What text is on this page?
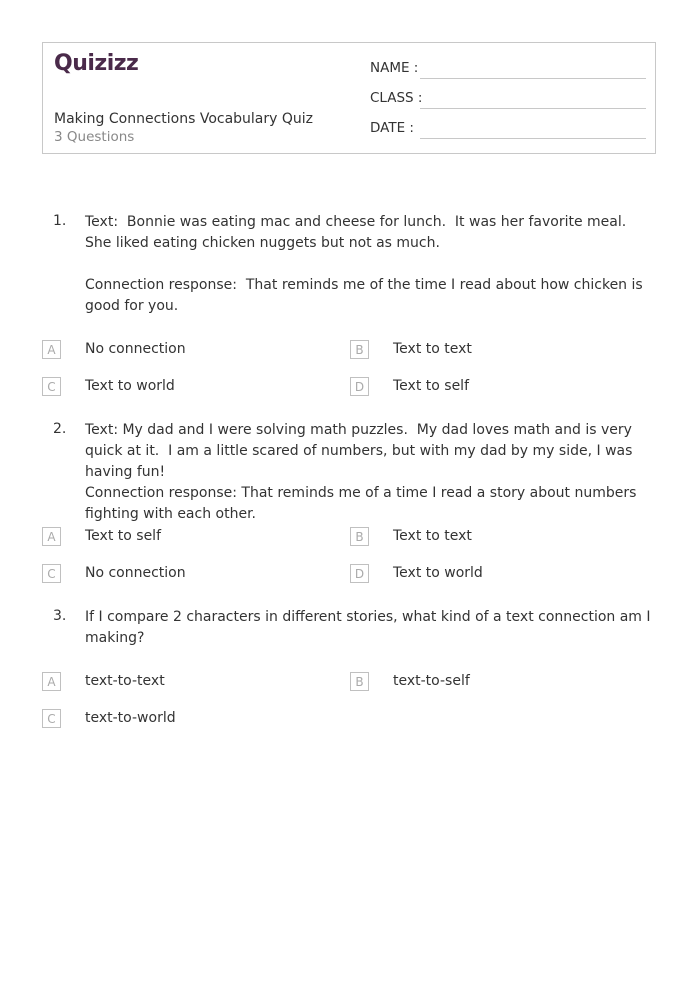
Quizizz
Making Connections Vocabulary Quiz
3 Questions
NAME :
CLASS :
DATE :
1. Text:  Bonnie was eating mac and cheese for lunch.  It was her favorite meal.  She liked eating chicken nuggets but not as much.

Connection response:  That reminds me of the time I read about how chicken is good for you.
A	No connection	B	Text to text
C	Text to world	D	Text to self
2. Text: My dad and I were solving math puzzles.  My dad loves math and is very quick at it.  I am a little scared of numbers, but with my dad by my side, I was having fun!
Connection response: That reminds me of a time I read a story about numbers fighting with each other.
A	Text to self	B	Text to text
C	No connection	D	Text to world
3. If I compare 2 characters in different stories, what kind of a text connection am I making?
A	text-to-text	B	text-to-self
C	text-to-world
